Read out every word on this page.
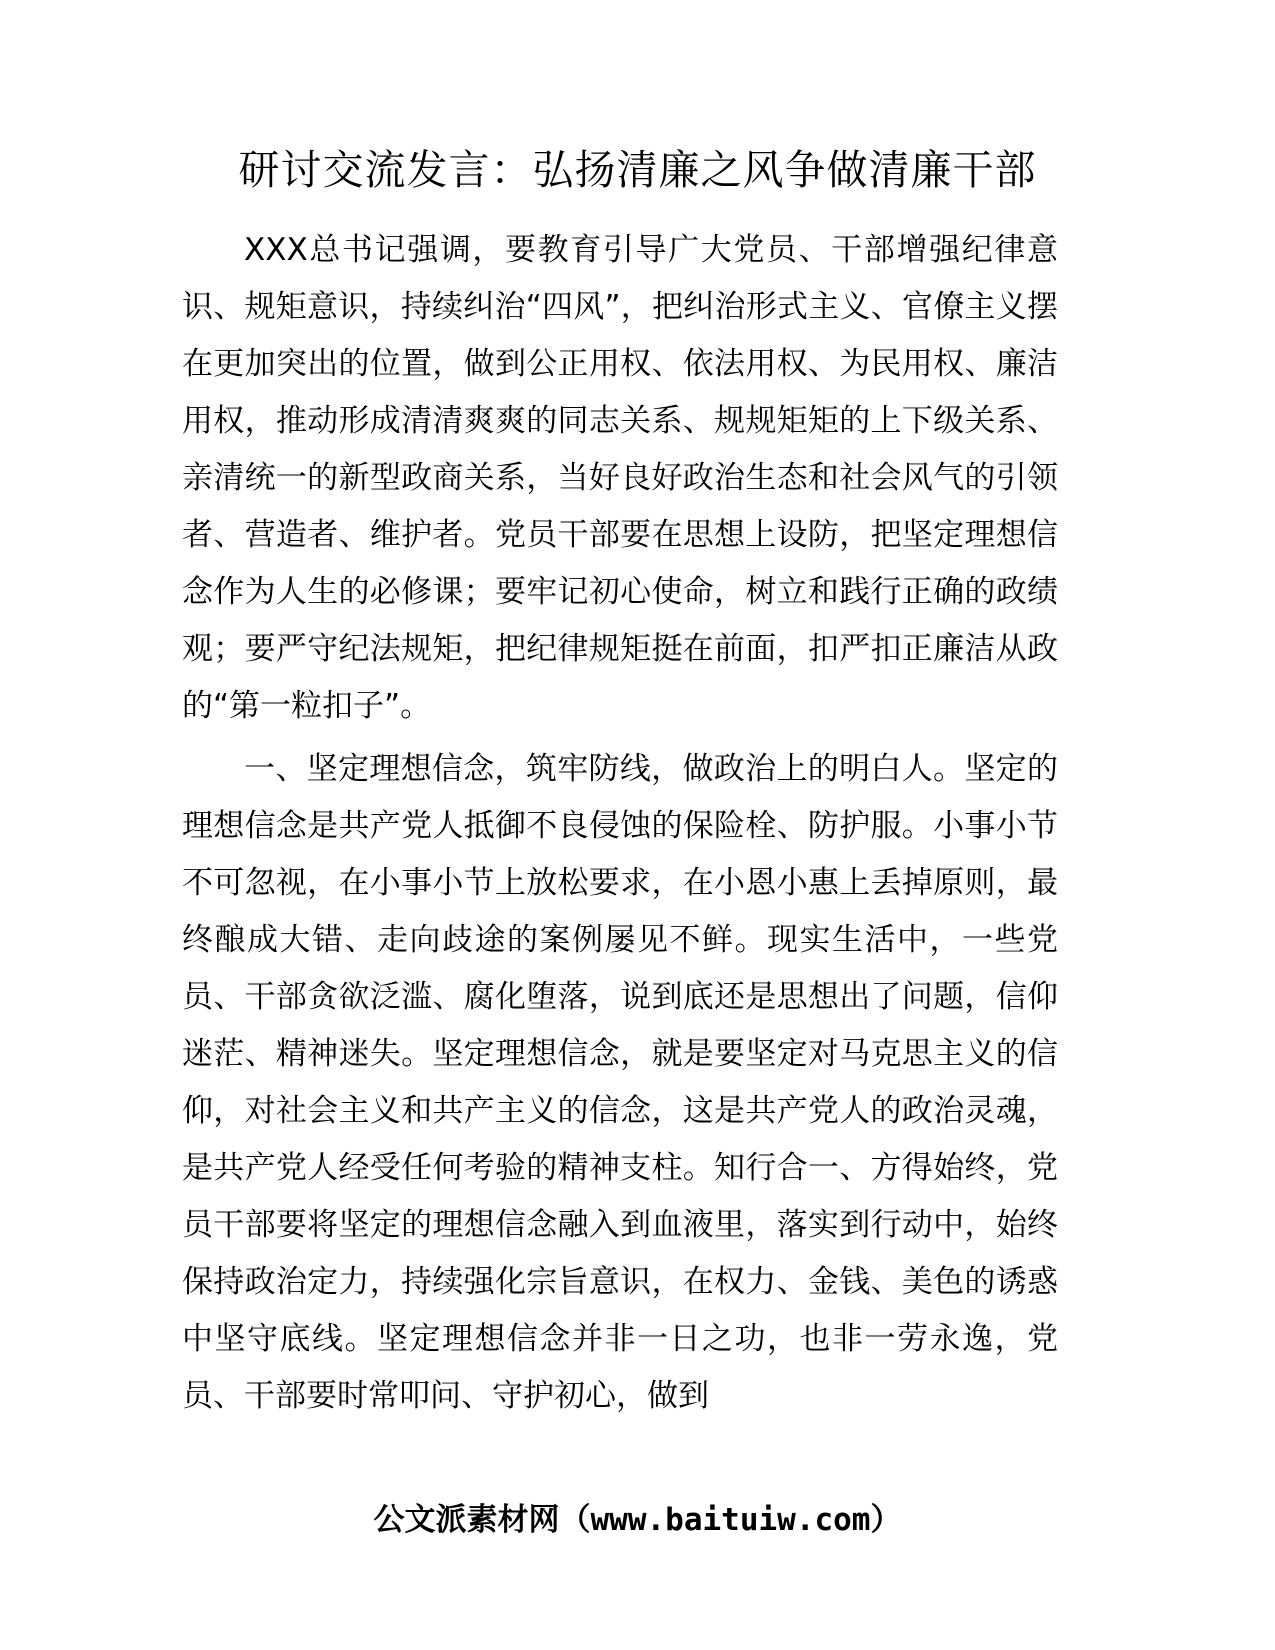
研讨交流发言：弘扬清廉之风争做清廉干部

XXX总书记强调，要教育引导广大党员、干部增强纪律意识、规矩意识，持续纠治“四风”，把纠治形式主义、官僚主义摆在更加突出的位置，做到公正用权、依法用权、为民用权、廉洁用权，推动形成清清爽爽的同志关系、规规矩矩的上下级关系、亲清统一的新型政商关系，当好良好政治生态和社会风气的引领者、营造者、维护者。党员干部要在思想上设防，把坚定理想信念作为人生的必修课；要牢记初心使命，树立和践行正确的政绩观；要严守纪法规矩，把纪律规矩挺在前面，扣严扣正廉洁从政的“第一粒扣子”。

一、坚定理想信念，筑牢防线，做政治上的明白人。坚定的理想信念是共产党人抵御不良侵蚀的保险栓、防护服。小事小节不可忽视，在小事小节上放松要求，在小恩小惠上丢掉原则，最终酿成大错、走向歧途的案例屡见不鲜。现实生活中，一些党员、干部贪欲泛滥、腐化堕落，说到底还是思想出了问题，信仰迷茫、精神迷失。坚定理想信念，就是要坚定对马克思主义的信仰，对社会主义和共产主义的信念，这是共产党人的政治灵魂，是共产党人经受任何考验的精神支柱。知行合一、方得始终，党员干部要将坚定的理想信念融入到血液里，落实到行动中，始终保持政治定力，持续强化宗旨意识，在权力、金钱、美色的诱惑中坚守底线。坚定理想信念并非一日之功，也非一劳永逸，党员、干部要时常叩问、守护初心，做到

公文派素材网（www.baituiw.com）
